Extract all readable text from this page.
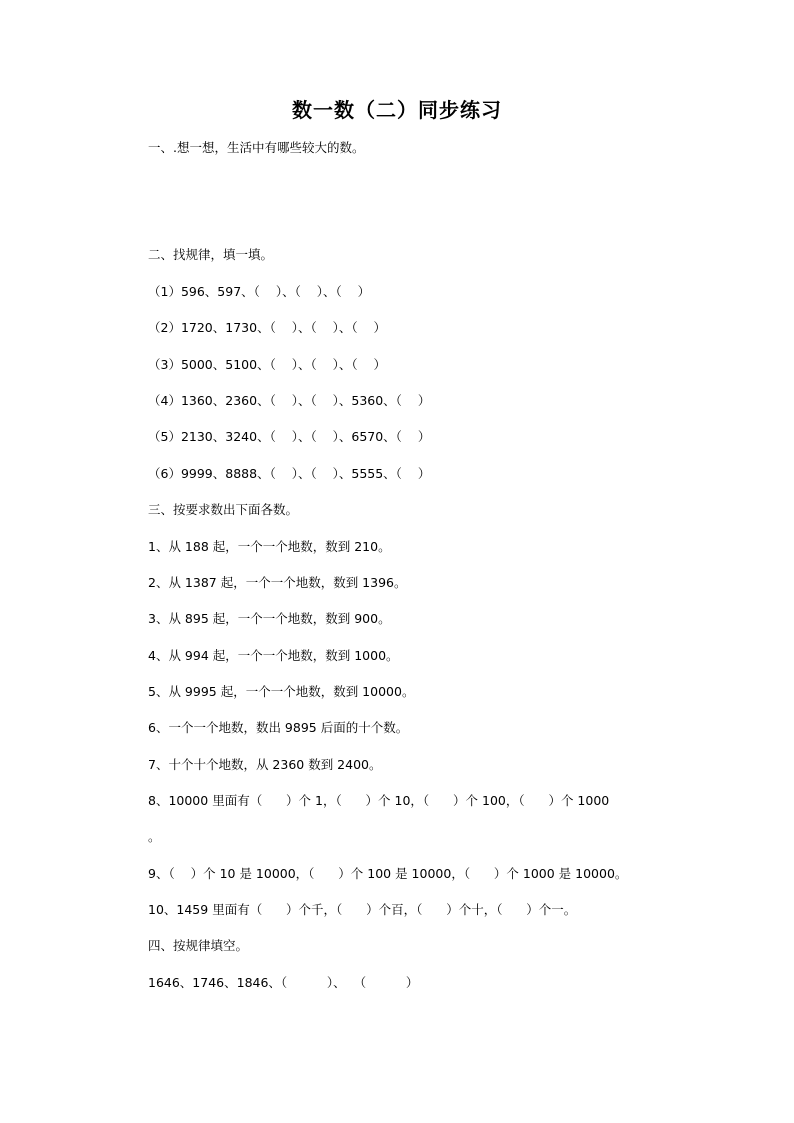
数一数（二）同步练习
一、.想一想，生活中有哪些较大的数。
二、找规律，填一填。
（1）596、597、（    ）、（    ）、（    ）
（2）1720、1730、（    ）、（    ）、（    ）
（3）5000、5100、（    ）、（    ）、（    ）
（4）1360、2360、（    ）、（    ）、5360、（    ）
（5）2130、3240、（    ）、（    ）、6570、（    ）
（6）9999、8888、（    ）、（    ）、5555、（    ）
三、按要求数出下面各数。
1、从 188 起，一个一个地数，数到 210。
2、从 1387 起，一个一个地数，数到 1396。
3、从 895 起，一个一个地数，数到 900。
4、从 994 起，一个一个地数，数到 1000。
5、从 9995 起，一个一个地数，数到 10000。
6、一个一个地数，数出 9895 后面的十个数。
7、十个十个地数，从 2360 数到 2400。
8、10000 里面有（      ）个 1，（      ）个 10，（      ）个 100，（      ）个 1000
。
9、（    ）个 10 是 10000，（      ）个 100 是 10000，（      ）个 1000 是 10000。
10、1459 里面有（      ）个千，（      ）个百，（      ）个十，（      ）个一。
四、按规律填空。
1646、1746、1846、（          ）、  （          ）
